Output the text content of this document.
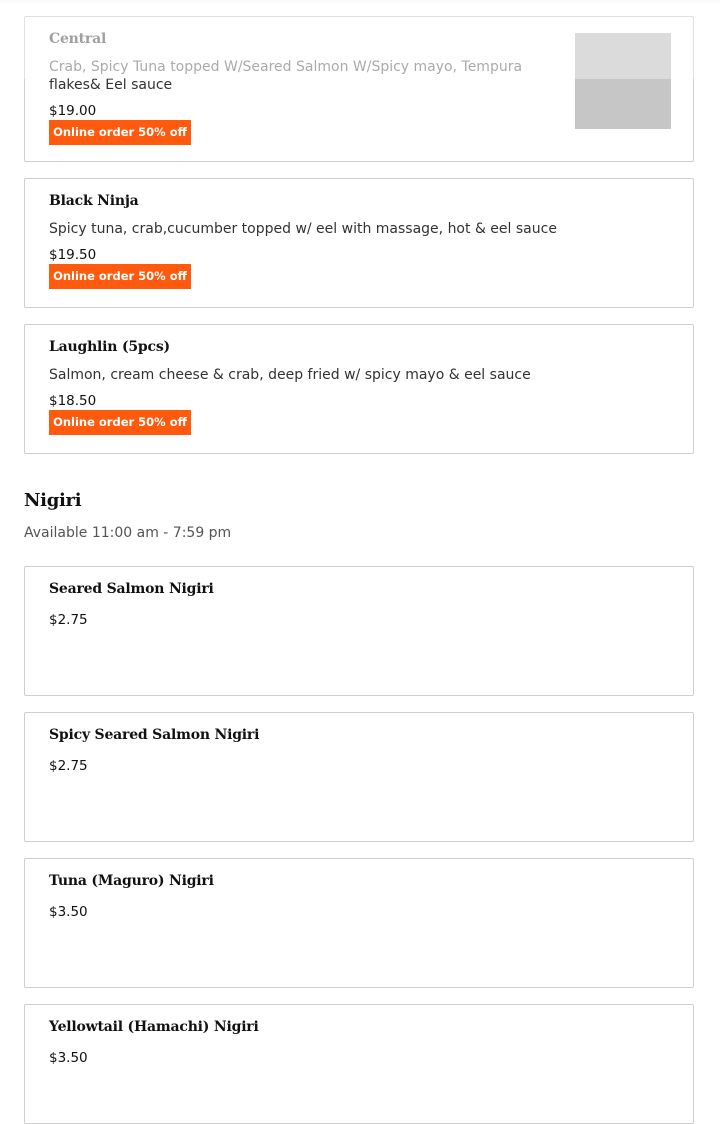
Central
Crab, Spicy Tuna topped W/Seared Salmon W/Spicy mayo, Tempura
flakes& Eel sauce
$19.00
Online order 50% off
Black Ninja
Spicy tuna, crab,cucumber topped w/ eel with massage, hot & eel sauce
$19.50
Online order 50% off
Laughlin (5pcs)
Salmon, cream cheese & crab, deep fried w/ spicy mayo & eel sauce
$18.50
Online order 50% off
Nigiri
Available 11:00 am - 7:59 pm
Seared Salmon Nigiri
$2.75
Spicy Seared Salmon Nigiri
$2.75
Tuna (Maguro) Nigiri
$3.50
Yellowtail (Hamachi) Nigiri
$3.50
